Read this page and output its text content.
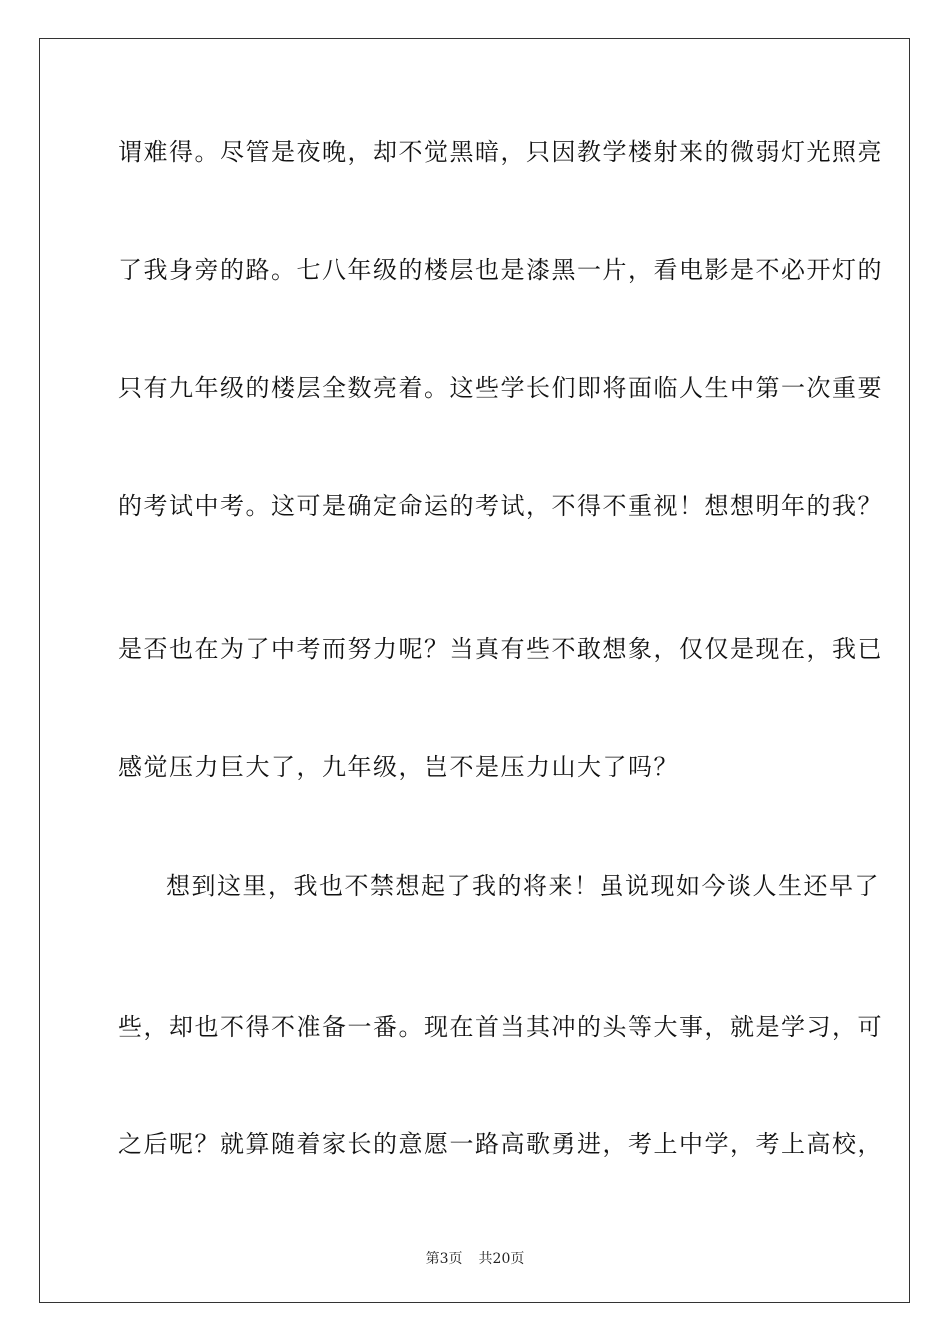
谓难得。尽管是夜晚，却不觉黑暗，只因教学楼射来的微弱灯光照亮
了我身旁的路。七八年级的楼层也是漆黑一片，看电影是不必开灯的
只有九年级的楼层全数亮着。这些学长们即将面临人生中第一次重要
的考试中考。这可是确定命运的考试，不得不重视！想想明年的我？
是否也在为了中考而努力呢？当真有些不敢想象，仅仅是现在，我已
感觉压力巨大了，九年级，岂不是压力山大了吗？
想到这里，我也不禁想起了我的将来！虽说现如今谈人生还早了
些，却也不得不准备一番。现在首当其冲的头等大事，就是学习，可
之后呢？就算随着家长的意愿一路高歌勇进，考上中学，考上高校，
第3页 共20页
